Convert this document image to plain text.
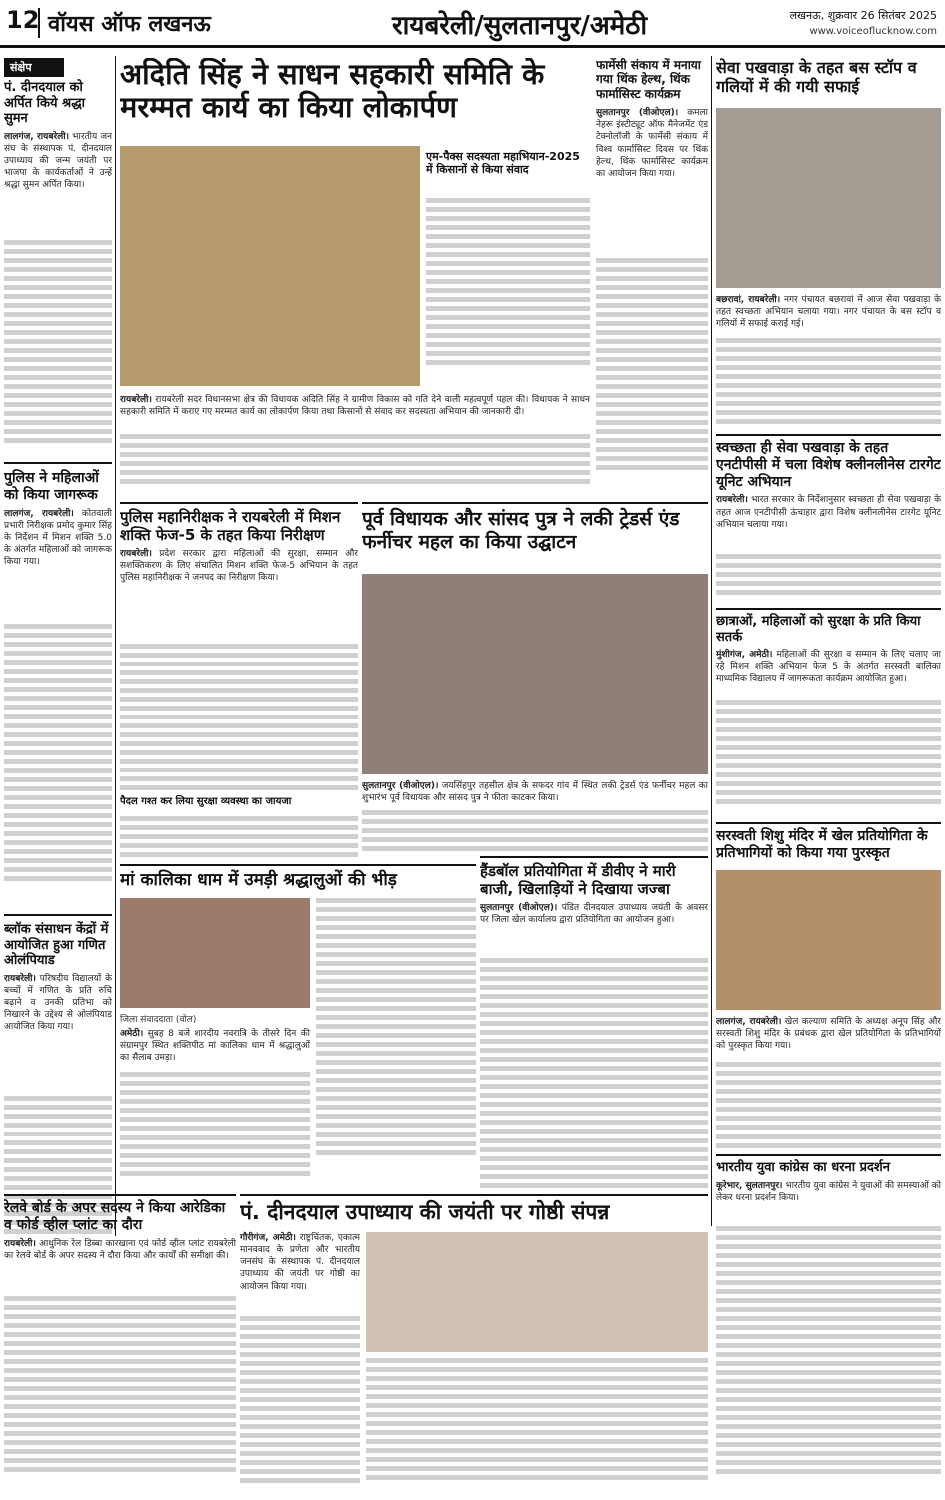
12 वॉयस ऑफ लखनऊ	रायबरेली/सुलतानपुर/अमेठी	लखनऊ, शुक्रवार 26 सितंबर 2025
www.voiceoflucknow.com
संक्षेप
पं. दीनदयाल को अर्पित किये श्रद्धा सुमन
लालगंज, रायबरेली। भारतीय जन संघ के संस्थापक पं. दीनदयाल उपाध्याय की जन्म जयंती पर भाजपा के कार्यकर्ताओं ने उन्हें श्रद्धा सुमन अर्पित किया।
पुलिस ने महिलाओं को किया जागरूक
लालगंज, रायबरेली। कोतवाली प्रभारी निरीक्षक प्रमोद कुमार सिंह के निर्देशन में मिशन शक्ति 5.0 के अंतर्गत महिलाओं को जागरूक किया गया।
ब्लॉक संसाधन केंद्रों में आयोजित हुआ गणित ओलंपियाड
रायबरेली। परिषदीय विद्यालयों के बच्चों में गणित के प्रति रुचि बढ़ाने व उनकी प्रतिभा को निखारने के उद्देश्य से ओलंपियाड आयोजित किया गया।
अदिति सिंह ने साधन सहकारी समिति के मरम्मत कार्य का किया लोकार्पण
एम-पैक्स सदस्यता महाभियान-2025 में किसानों से किया संवाद
रायबरेली। रायबरेली सदर विधानसभा क्षेत्र की विधायक अदिति सिंह ने ग्रामीण विकास को गति देने वाली महत्वपूर्ण पहल की। विधायक ने साधन सहकारी समिति में कराए गए मरम्मत कार्य का लोकार्पण किया तथा किसानों से संवाद कर सदस्यता अभियान की जानकारी दी।
फार्मेसी संकाय में मनाया गया थिंक हेल्थ, थिंक फार्मासिस्ट कार्यक्रम
सुलतानपुर (वीओएल)। कमला नेहरू इंस्टीट्यूट ऑफ मैनेजमेंट एंड टेक्नोलॉजी के फार्मेसी संकाय में विश्व फार्मासिस्ट दिवस पर थिंक हेल्थ, थिंक फार्मासिस्ट कार्यक्रम का आयोजन किया गया।
सेवा पखवाड़ा के तहत बस स्टॉप व गलियों में की गयी सफाई
बछरावां, रायबरेली। नगर पंचायत बछरावां में आज सेवा पखवाड़ा के तहत स्वच्छता अभियान चलाया गया। नगर पंचायत के बस स्टॉप व गलियों में सफाई कराई गई।
स्वच्छता ही सेवा पखवाड़ा के तहत एनटीपीसी में चला विशेष क्लीनलीनेस टारगेट यूनिट अभियान
रायबरेली। भारत सरकार के निर्देशानुसार स्वच्छता ही सेवा पखवाड़ा के तहत आज एनटीपीसी ऊंचाहार द्वारा विशेष क्लीनलीनेस टारगेट यूनिट अभियान चलाया गया।
पुलिस महानिरीक्षक ने रायबरेली में मिशन शक्ति फेज-5 के तहत किया निरीक्षण
रायबरेली। प्रदेश सरकार द्वारा महिलाओं की सुरक्षा, सम्मान और सशक्तिकरण के लिए संचालित मिशन शक्ति फेज-5 अभियान के तहत पुलिस महानिरीक्षक ने जनपद का निरीक्षण किया।
पैदल गश्त कर लिया सुरक्षा व्यवस्था का जायजा
पूर्व विधायक और सांसद पुत्र ने लकी ट्रेडर्स एंड फर्नीचर महल का किया उद्घाटन
सुलतानपुर (वीओएल)। जयसिंहपुर तहसील क्षेत्र के सफदर गांव में स्थित लकी ट्रेडर्स एंड फर्नीचर महल का शुभारंभ पूर्व विधायक और सांसद पुत्र ने फीता काटकर किया।
छात्राओं, महिलाओं को सुरक्षा के प्रति किया सतर्क
मुंशीगंज, अमेठी। महिलाओं की सुरक्षा व सम्मान के लिए चलाए जा रहे मिशन शक्ति अभियान फेज 5 के अंतर्गत सरस्वती बालिका माध्यमिक विद्यालय में जागरूकता कार्यक्रम आयोजित हुआ।
सरस्वती शिशु मंदिर में खेल प्रतियोगिता के प्रतिभागियों को किया गया पुरस्कृत
लालगंज, रायबरेली। खेल कल्याण समिति के अध्यक्ष अनूप सिंह और सरस्वती शिशु मंदिर के प्रबंधक द्वारा खेल प्रतियोगिता के प्रतिभागियों को पुरस्कृत किया गया।
मां कालिका धाम में उमड़ी श्रद्धालुओं की भीड़
जिला संवाददाता (वोल)
अमेठी। सुबह 8 बजे शारदीय नवरात्रि के तीसरे दिन की संग्रामपुर स्थित शक्तिपीठ मां कालिका धाम में श्रद्धालुओं का सैलाब उमड़ा।
हैंडबॉल प्रतियोगिता में डीवीए ने मारी बाजी, खिलाड़ियों ने दिखाया जज्बा
सुलतानपुर (वीओएल)। पंडित दीनदयाल उपाध्याय जयंती के अवसर पर जिला खेल कार्यालय द्वारा प्रतियोगिता का आयोजन हुआ।
रेलवे बोर्ड के अपर सदस्य ने किया आरेडिका व फोर्ड व्हील प्लांट का दौरा
रायबरेली। आधुनिक रेल डिब्बा कारखाना एवं फोर्ड व्हील प्लांट रायबरेली का रेलवे बोर्ड के अपर सदस्य ने दौरा किया और कार्यों की समीक्षा की।
पं. दीनदयाल उपाध्याय की जयंती पर गोष्ठी संपन्न
गौरीगंज, अमेठी। राष्ट्रचिंतक, एकात्म मानववाद के प्रणेता और भारतीय जनसंघ के संस्थापक पं. दीनदयाल उपाध्याय की जयंती पर गोष्ठी का आयोजन किया गया।
भारतीय युवा कांग्रेस का धरना प्रदर्शन
कूरेभार, सुलतानपुर। भारतीय युवा कांग्रेस ने युवाओं की समस्याओं को लेकर धरना प्रदर्शन किया।
